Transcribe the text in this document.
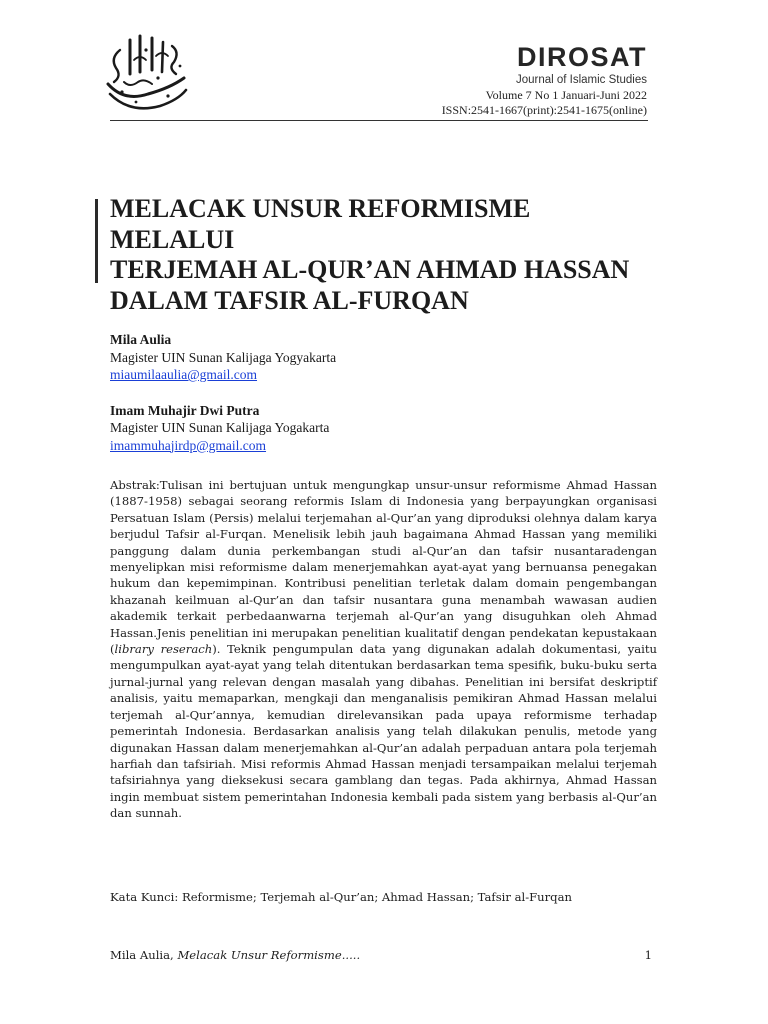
DIROSAT
Journal of Islamic Studies
Volume 7 No 1 Januari-Juni 2022
ISSN:2541-1667(print):2541-1675(online)
MELACAK UNSUR REFORMISME MELALUI
TERJEMAH AL-QUR’AN AHMAD HASSAN
DALAM TAFSIR AL-FURQAN
Mila Aulia
Magister UIN Sunan Kalijaga Yogyakarta
miaumilaaulia@gmail.com
Imam Muhajir Dwi Putra
Magister UIN Sunan Kalijaga Yogakarta
imammuhajirdp@gmail.com

Abstrak:Tulisan ini bertujuan untuk mengungkap unsur-unsur reformisme Ahmad Hassan (1887-1958) sebagai seorang reformis Islam di Indonesia yang berpayungkan organisasi Persatuan Islam (Persis) melalui terjemahan al-Qur’an yang diproduksi olehnya dalam karya berjudul Tafsir al-Furqan. Menelisik lebih jauh bagaimana Ahmad Hassan yang memiliki panggung dalam dunia perkembangan studi al-Qur’an dan tafsir nusantaradengan menyelipkan misi reformisme dalam menerjemahkan ayat-ayat yang bernuansa penegakan hukum dan kepemimpinan. Kontribusi penelitian terletak dalam domain pengembangan khazanah keilmuan al-Qur’an dan tafsir nusantara guna menambah wawasan audien akademik terkait perbedaanwarna terjemah al-Qur’an yang disuguhkan oleh Ahmad Hassan.Jenis penelitian ini merupakan penelitian kualitatif dengan pendekatan kepustakaan (library reserach). Teknik pengumpulan data yang digunakan adalah dokumentasi, yaitu mengumpulkan ayat-ayat yang telah ditentukan berdasarkan tema spesifik, buku-buku serta jurnal-jurnal yang relevan dengan masalah yang dibahas. Penelitian ini bersifat deskriptif analisis, yaitu memaparkan, mengkaji dan menganalisis pemikiran Ahmad Hassan melalui terjemah al-Qur’annya, kemudian direlevansikan pada upaya reformisme terhadap pemerintah Indonesia. Berdasarkan analisis yang telah dilakukan penulis, metode yang digunakan Hassan dalam menerjemahkan al-Qur’an adalah perpaduan antara pola terjemah harfiah dan tafsiriah. Misi reformis Ahmad Hassan menjadi tersampaikan melalui terjemah tafsiriahnya yang dieksekusi secara gamblang dan tegas. Pada akhirnya, Ahmad Hassan ingin membuat sistem pemerintahan Indonesia kembali pada sistem yang berbasis al-Qur’an dan sunnah.

Kata Kunci: Reformisme; Terjemah al-Qur’an; Ahmad Hassan; Tafsir al-Furqan

Mila Aulia, Melacak Unsur Reformisme.....	1
